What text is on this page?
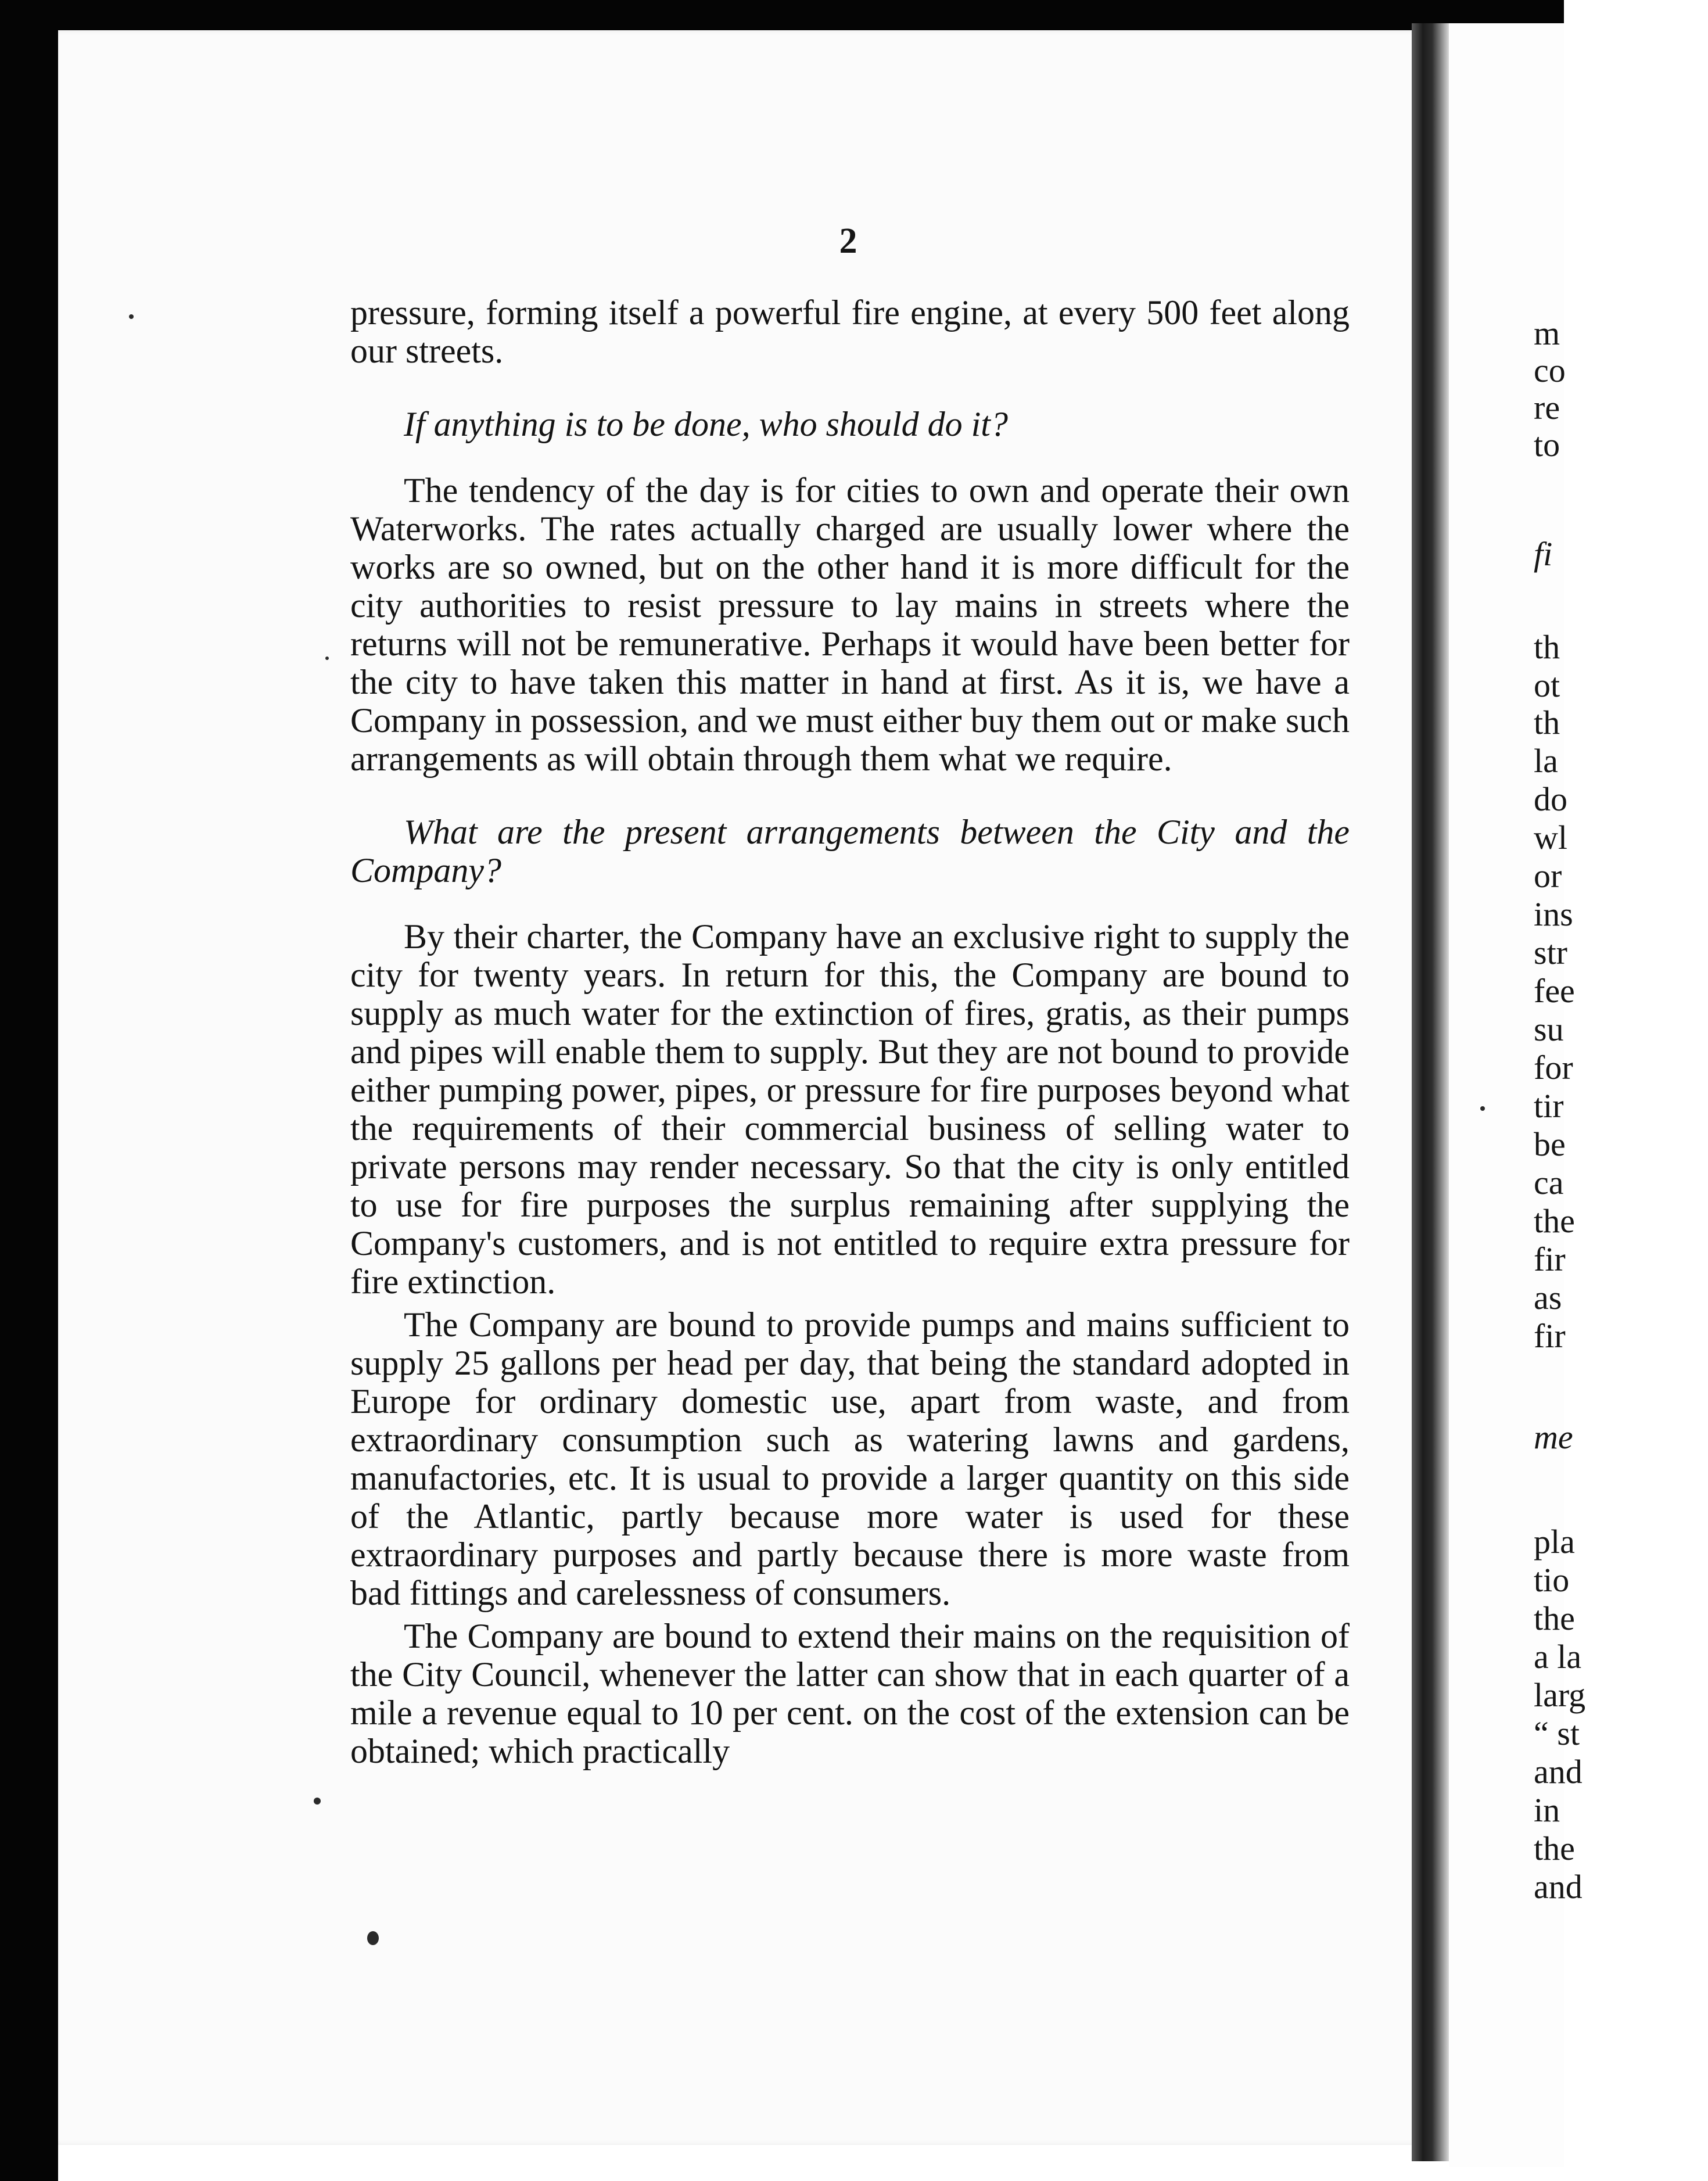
m
co
re
to
fi
th
ot
th
la
do
wl
or
ins
str
fee
su
for
tir
be
ca
the
fir
as
fir
me
pla
tio
the
a la
larg
“ st
and
in
the
and
2

pressure, forming itself a powerful fire engine, at every 500 feet along our streets.

If anything is to be done, who should do it?

The tendency of the day is for cities to own and operate their own Waterworks. The rates actually charged are usually lower where the works are so owned, but on the other hand it is more difficult for the city authorities to resist pressure to lay mains in streets where the returns will not be remunerative. Perhaps it would have been better for the city to have taken this matter in hand at first. As it is, we have a Company in possession, and we must either buy them out or make such arrangements as will obtain through them what we require.

What are the present arrangements between the City and the Company?

By their charter, the Company have an exclusive right to supply the city for twenty years. In return for this, the Company are bound to supply as much water for the extinction of fires, gratis, as their pumps and pipes will enable them to supply. But they are not bound to provide either pumping power, pipes, or pressure for fire purposes beyond what the requirements of their commercial business of selling water to private persons may render necessary. So that the city is only entitled to use for fire purposes the surplus remaining after supplying the Company's customers, and is not entitled to require extra pressure for fire extinction.

The Company are bound to provide pumps and mains sufficient to supply 25 gallons per head per day, that being the standard adopted in Europe for ordinary domestic use, apart from waste, and from extraordinary consumption such as watering lawns and gardens, manufactories, etc. It is usual to provide a larger quantity on this side of the Atlantic, partly because more water is used for these extraordinary purposes and partly because there is more waste from bad fittings and carelessness of consumers.

The Company are bound to extend their mains on the requisition of the City Council, whenever the latter can show that in each quarter of a mile a revenue equal to 10 per cent. on the cost of the extension can be obtained; which practically
